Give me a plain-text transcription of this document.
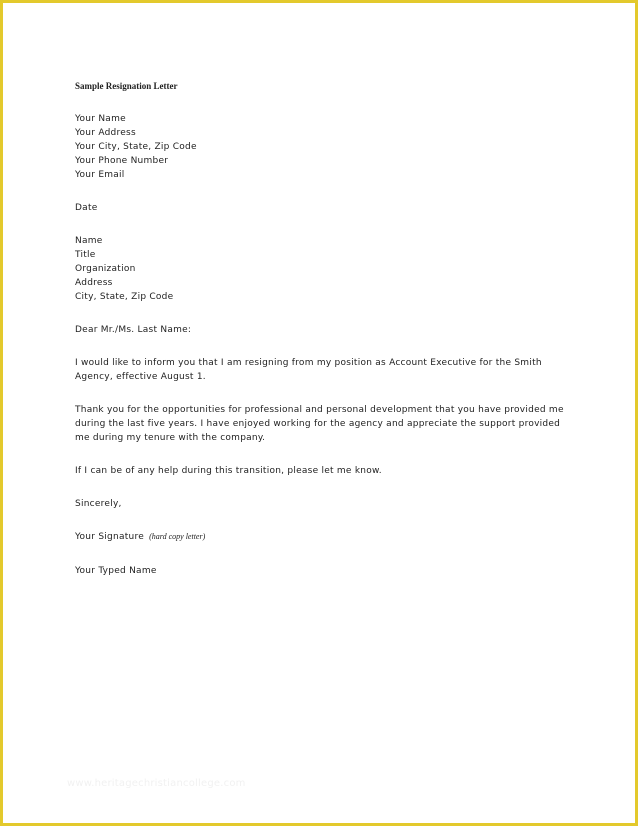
Sample Resignation Letter
Your Name
Your Address
Your City, State, Zip Code
Your Phone Number
Your Email
Date
Name
Title
Organization
Address
City, State, Zip Code
Dear Mr./Ms. Last Name:

I would like to inform you that I am resigning from my position as Account Executive for the Smith Agency, effective August 1.

Thank you for the opportunities for professional and personal development that you have provided me during the last five years. I have enjoyed working for the agency and appreciate the support provided me during my tenure with the company.

If I can be of any help during this transition, please let me know.

Sincerely,
Your Signature (hard copy letter)
Your Typed Name
www.heritagechristiancollege.com
